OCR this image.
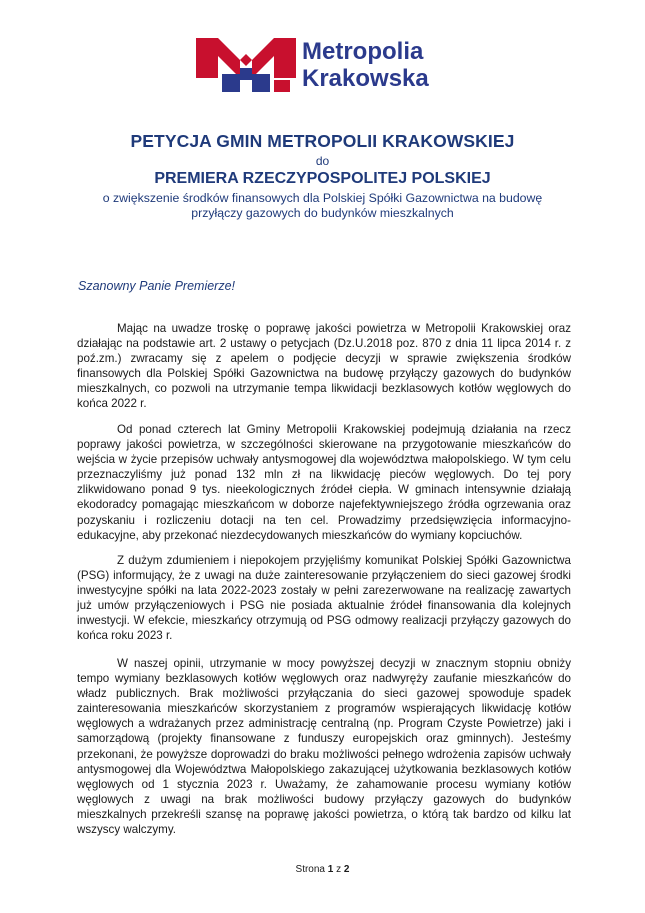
Metropolia
Krakowska
PETYCJA GMIN METROPOLII KRAKOWSKIEJ
do
PREMIERA RZECZYPOSPOLITEJ POLSKIEJ
o zwiększenie środków finansowych dla Polskiej Spółki Gazownictwa na budowę
przyłączy gazowych do budynków mieszkalnych
Szanowny Panie Premierze!

Mając na uwadze troskę o poprawę jakości powietrza w Metropolii Krakowskiej oraz działając na podstawie art. 2 ustawy o petycjach (Dz.U.2018 poz. 870 z dnia 11 lipca 2014 r. z poź.zm.) zwracamy się z apelem o podjęcie decyzji w sprawie zwiększenia środków finansowych dla Polskiej Spółki Gazownictwa na budowę przyłączy gazowych do budynków mieszkalnych, co pozwoli na utrzymanie tempa likwidacji bezklasowych kotłów węglowych do końca 2022 r.

Od ponad czterech lat Gminy Metropolii Krakowskiej podejmują działania na rzecz poprawy jakości powietrza, w szczególności skierowane na przygotowanie mieszkańców do wejścia w życie przepisów uchwały antysmogowej dla województwa małopolskiego. W tym celu przeznaczyliśmy już ponad 132 mln zł na likwidację pieców węglowych. Do tej pory zlikwidowano ponad 9 tys. nieekologicznych źródeł ciepła. W gminach intensywnie działają ekodoradcy pomagając mieszkańcom w doborze najefektywniejszego źródła ogrzewania oraz pozyskaniu i rozliczeniu dotacji na ten cel. Prowadzimy przedsięwzięcia informacyjno-edukacyjne, aby przekonać niezdecydowanych mieszkańców do wymiany kopciuchów.

Z dużym zdumieniem i niepokojem przyjęliśmy komunikat Polskiej Spółki Gazownictwa (PSG) informujący, że z uwagi na duże zainteresowanie przyłączeniem do sieci gazowej środki inwestycyjne spółki na lata 2022-2023 zostały w pełni zarezerwowane na realizację zawartych już umów przyłączeniowych i PSG nie posiada aktualnie źródeł finansowania dla kolejnych inwestycji. W efekcie, mieszkańcy otrzymują od PSG odmowy realizacji przyłączy gazowych do końca roku 2023 r.

W naszej opinii, utrzymanie w mocy powyższej decyzji w znacznym stopniu obniży tempo wymiany bezklasowych kotłów węglowych oraz nadwyręży zaufanie mieszkańców do władz publicznych. Brak możliwości przyłączania do sieci gazowej spowoduje spadek zainteresowania mieszkańców skorzystaniem z programów wspierających likwidację kotłów węglowych a wdrażanych przez administrację centralną (np. Program Czyste Powietrze) jaki i samorządową (projekty finansowane z funduszy europejskich oraz gminnych). Jesteśmy przekonani, że powyższe doprowadzi do braku możliwości pełnego wdrożenia zapisów uchwały antysmogowej dla Województwa Małopolskiego zakazującej użytkowania bezklasowych kotłów węglowych od 1 stycznia 2023 r. Uważamy, że zahamowanie procesu wymiany kotłów węglowych z uwagi na brak możliwości budowy przyłączy gazowych do budynków mieszkalnych przekreśli szansę na poprawę jakości powietrza, o którą tak bardzo od kilku lat wszyscy walczymy.

Strona 1 z 2
